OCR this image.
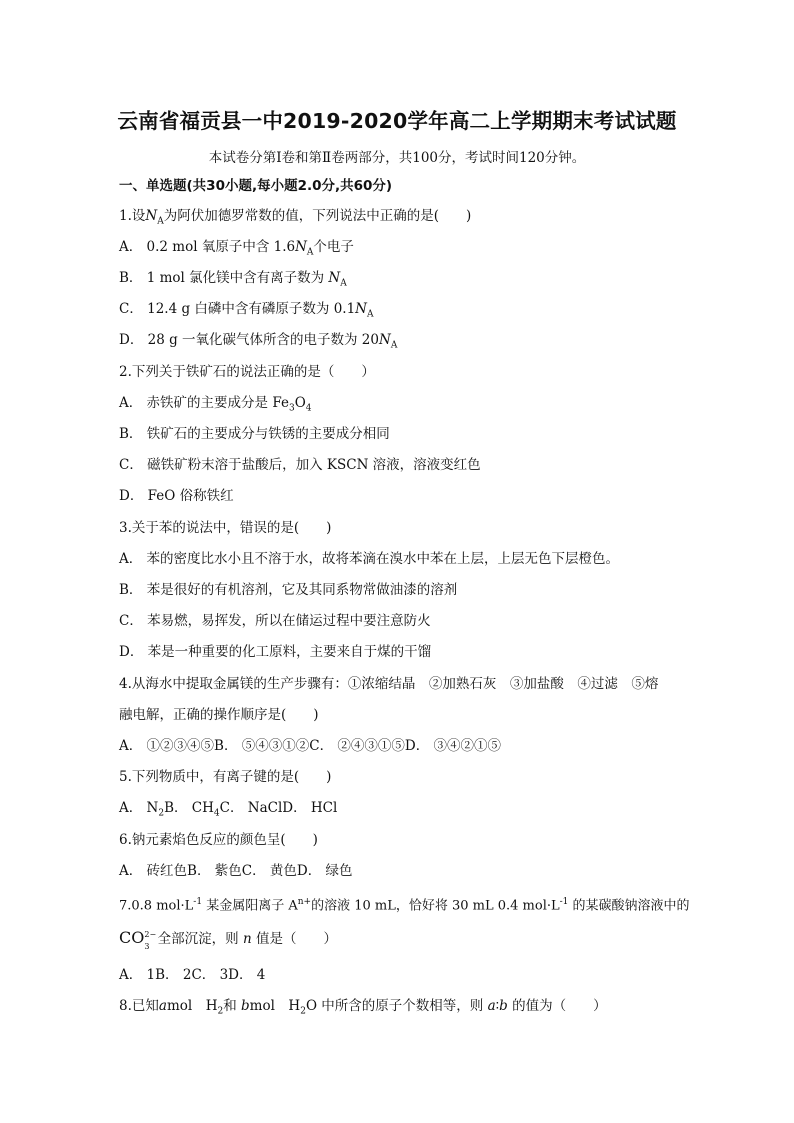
云南省福贡县一中2019-2020学年高二上学期期末考试试题
本试卷分第Ⅰ卷和第Ⅱ卷两部分，共100分，考试时间120分钟。
一、单选题(共30小题,每小题2.0分,共60分)
1.设$N_A$为阿伏加德罗常数的值，下列说法中正确的是(　　)
A． 0.2 mol 氧原子中含 $1.6N_A$个电子
B． 1 mol 氯化镁中含有离子数为 $N_A$
C． 12.4 g 白磷中含有磷原子数为 $0.1N_A$
D． 28 g 一氧化碳气体所含的电子数为 $20N_A$
2.下列关于铁矿石的说法正确的是（　　）
A． 赤铁矿的主要成分是 $Fe_3O_4$
B． 铁矿石的主要成分与铁锈的主要成分相同
C． 磁铁矿粉末溶于盐酸后，加入 KSCN 溶液，溶液变红色
D． FeO 俗称铁红
3.关于苯的说法中，错误的是(　　)
A． 苯的密度比水小且不溶于水，故将苯滴在溴水中苯在上层，上层无色下层橙色。
B． 苯是很好的有机溶剂，它及其同系物常做油漆的溶剂
C． 苯易燃，易挥发，所以在储运过程中要注意防火
D． 苯是一种重要的化工原料，主要来自于煤的干馏
4.从海水中提取金属镁的生产步骤有：①浓缩结晶　②加熟石灰　③加盐酸　④过滤　⑤熔
融电解，正确的操作顺序是(　　)
A． ①②③④⑤B． ⑤④③①②C． ②④③①⑤D． ③④②①⑤
5.下列物质中，有离子键的是(　　)
A． $N_2B$． $CH_4C$． NaClD． HCl
6.钠元素焰色反应的颜色呈(　　)
A． 砖红色B． 紫色C． 黄色D． 绿色
7.0.8 $mol\cdot L^{-1}$ 某金属阳离子 $A^{n+}$的溶液 10 mL，恰好将 30 mL 0.4 $mol\cdot L^{-1}$ 的某碳酸钠溶液中的
CO 2−
3 全部沉淀，则 n 值是（　　）
A． 1B． 2C． 3D． 4
8.已知amol　$H_2$和 bmol　$H_2O$ 中所含的原子个数相等，则 a∶b 的值为（　　）
